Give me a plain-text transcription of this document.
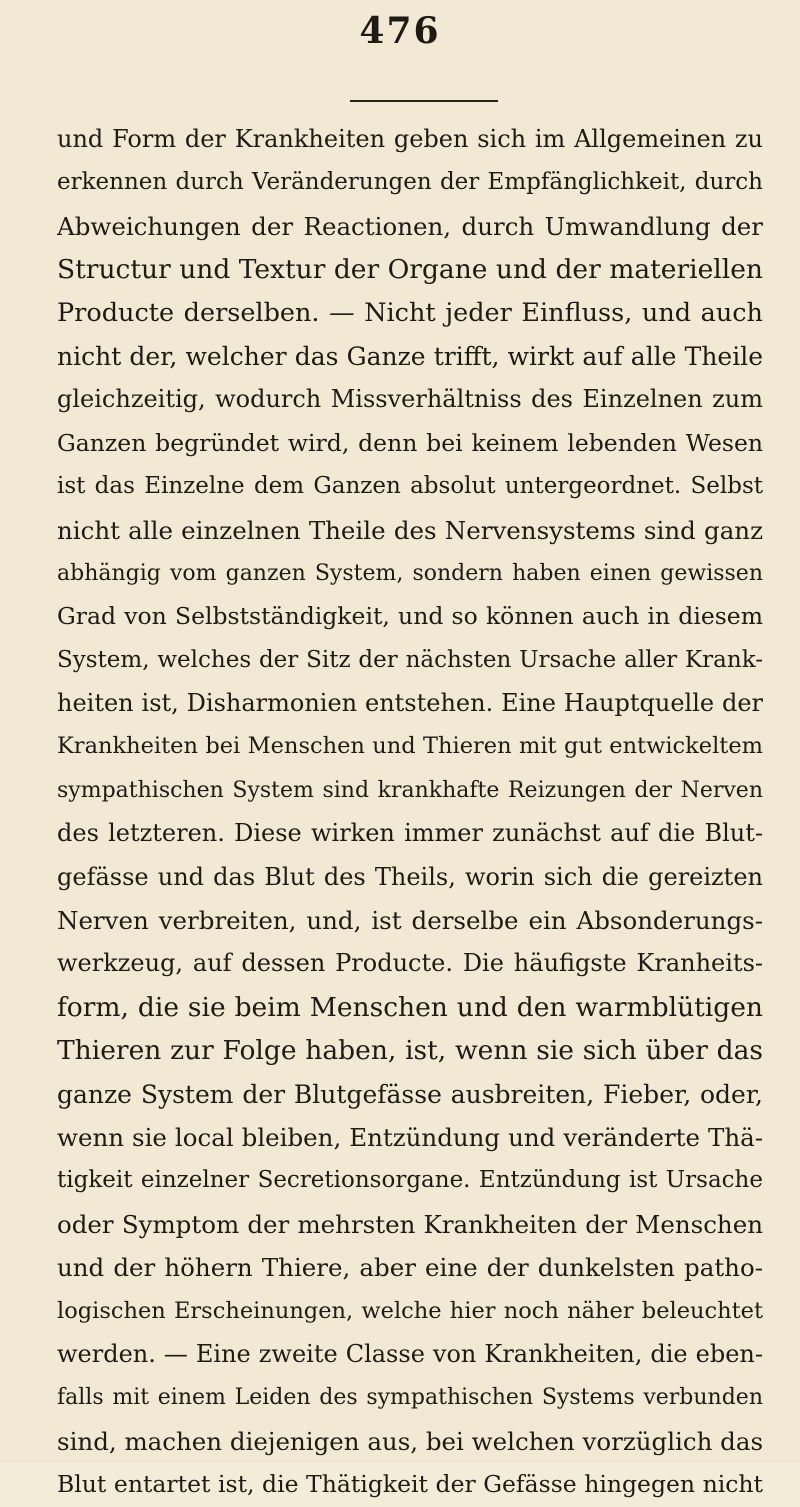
476
und Form der Krankheiten geben sich im Allgemeinen zu
erkennen durch Veränderungen der Empfänglichkeit, durch
Abweichungen der Reactionen, durch Umwandlung der
Structur und Textur der Organe und der materiellen
Producte derselben. — Nicht jeder Einfluss, und auch
nicht der, welcher das Ganze trifft, wirkt auf alle Theile
gleichzeitig, wodurch Missverhältniss des Einzelnen zum
Ganzen begründet wird, denn bei keinem lebenden Wesen
ist das Einzelne dem Ganzen absolut untergeordnet. Selbst
nicht alle einzelnen Theile des Nervensystems sind ganz
abhängig vom ganzen System, sondern haben einen gewissen
Grad von Selbstständigkeit, und so können auch in diesem
System, welches der Sitz der nächsten Ursache aller Krank-
heiten ist, Disharmonien entstehen. Eine Hauptquelle der
Krankheiten bei Menschen und Thieren mit gut entwickeltem
sympathischen System sind krankhafte Reizungen der Nerven
des letzteren. Diese wirken immer zunächst auf die Blut-
gefässe und das Blut des Theils, worin sich die gereizten
Nerven verbreiten, und, ist derselbe ein Absonderungs-
werkzeug, auf dessen Producte. Die häufigste Kranheits-
form, die sie beim Menschen und den warmblütigen
Thieren zur Folge haben, ist, wenn sie sich über das
ganze System der Blutgefässe ausbreiten, Fieber, oder,
wenn sie local bleiben, Entzündung und veränderte Thä-
tigkeit einzelner Secretionsorgane. Entzündung ist Ursache
oder Symptom der mehrsten Krankheiten der Menschen
und der höhern Thiere, aber eine der dunkelsten patho-
logischen Erscheinungen, welche hier noch näher beleuchtet
werden. — Eine zweite Classe von Krankheiten, die eben-
falls mit einem Leiden des sympathischen Systems verbunden
sind, machen diejenigen aus, bei welchen vorzüglich das
Blut entartet ist, die Thätigkeit der Gefässe hingegen nicht
